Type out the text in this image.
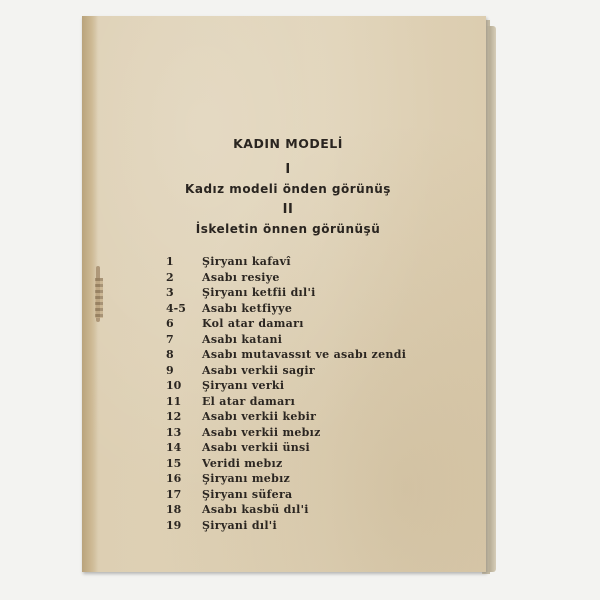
KADIN MODELİ
I
Kadız modeli önden görünüş
II
İskeletin önnen görünüşü
1	Şiryanı kafavî
2	Asabı resiye
3	Şiryanı ketfii dıl'i
4-5	Asabı ketfiyye
6	Kol atar damarı
7	Asabı katani
8	Asabı mutavassıt ve asabı zendi
9	Asabı verkii sagir
10	Şiryanı verki
11	El atar damarı
12	Asabı verkii kebir
13	Asabı verkii mebız
14	Asabı verkii ünsi
15	Veridi mebız
16	Şiryanı mebız
17	Şiryanı süfera
18	Asabı kasbü dıl'i
19	Şiryani dıl'i
